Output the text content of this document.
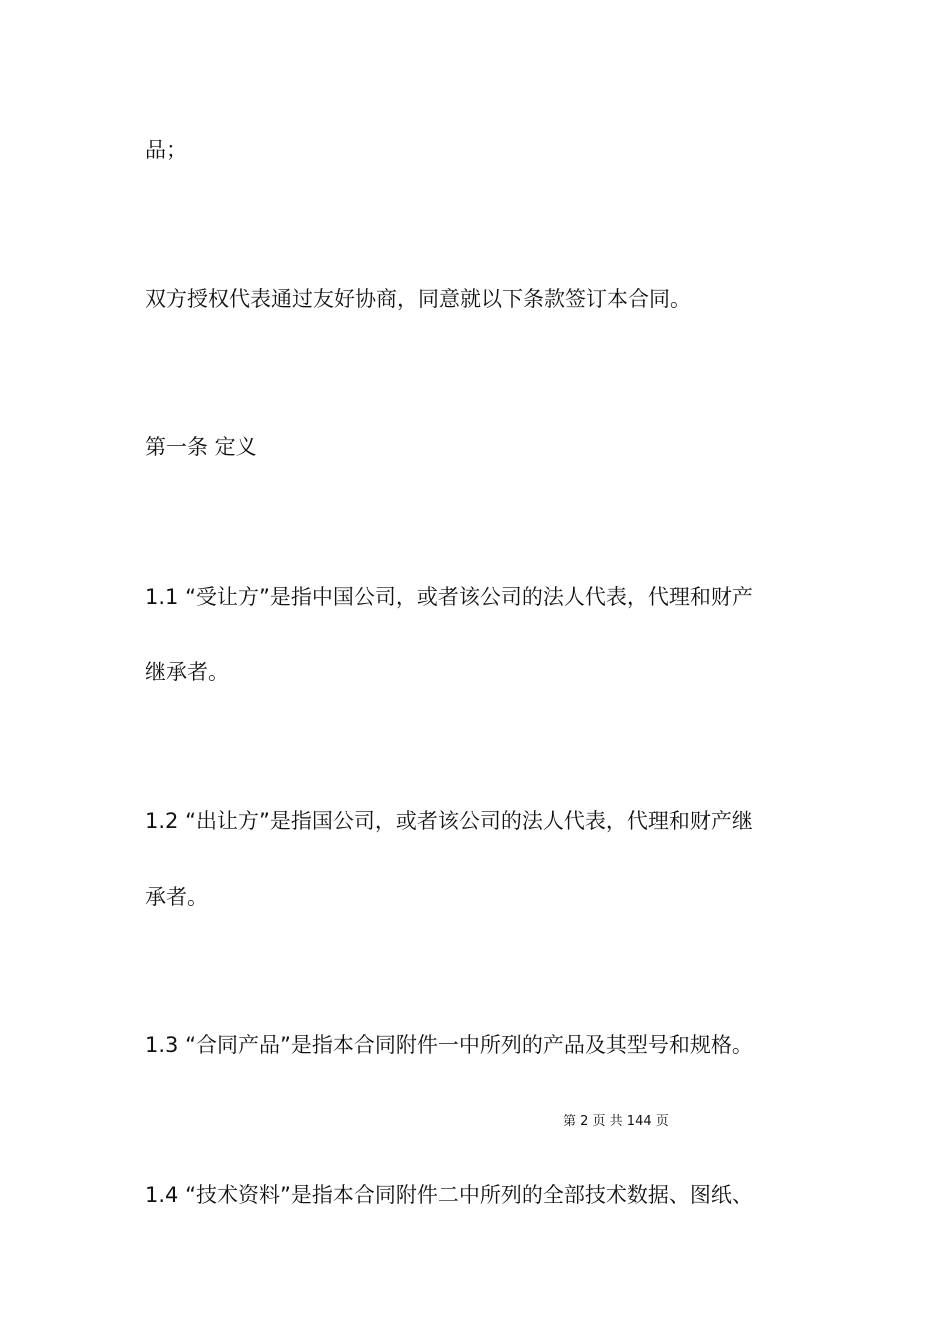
品；
双方授权代表通过友好协商，同意就以下条款签订本合同。
第一条 定义
1.1 “受让方”是指中国公司，或者该公司的法人代表，代理和财产
继承者。
1.2 “出让方”是指国公司，或者该公司的法人代表，代理和财产继
承者。
1.3 “合同产品”是指本合同附件一中所列的产品及其型号和规格。
第 2 页 共 144 页
1.4 “技术资料”是指本合同附件二中所列的全部技术数据、图纸、
